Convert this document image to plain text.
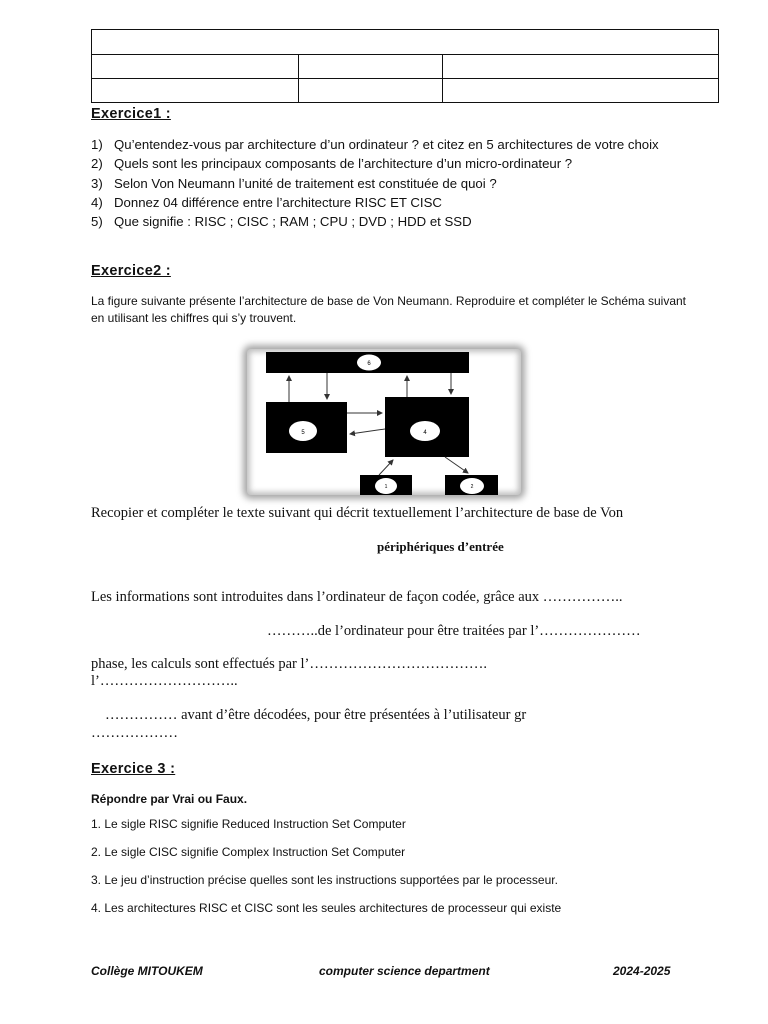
Exercice1 :
1) Qu’entendez-vous par architecture d’un ordinateur ? et citez en 5 architectures de votre choix
2) Quels sont les principaux composants de l’architecture d’un micro-ordinateur ?
3) Selon Von Neumann l’unité de traitement est constituée de quoi ?
4) Donnez 04 différence entre l’architecture RISC ET CISC
5) Que signifie : RISC ; CISC ; RAM ; CPU ; DVD ; HDD et SSD
Exercice2 :
La figure suivante présente l’architecture de base de Von Neumann. Reproduire et compléter le Schéma suivant en utilisant les chiffres qui s’y trouvent.
6
5	4
1	2
Recopier et compléter le texte suivant qui décrit textuellement l’architecture de base de Von
périphériques d’entrée
Les informations sont introduites dans l’ordinateur de façon codée, grâce aux ……………..
………..de l’ordinateur pour être traitées par l’…………………
phase, les calculs sont effectués par l’……………………………….
l’………………………..
…………… avant d’être décodées, pour être présentées à l’utilisateur gr
………………
Exercice 3 :
Répondre par Vrai ou Faux.
1. Le sigle RISC signifie Reduced Instruction Set Computer
2. Le sigle CISC signifie Complex Instruction Set Computer
3. Le jeu d’instruction précise quelles sont les instructions supportées par le processeur.
4. Les architectures RISC et CISC sont les seules architectures de processeur qui existe
Collège MITOUKEM	computer science department	2024-2025
